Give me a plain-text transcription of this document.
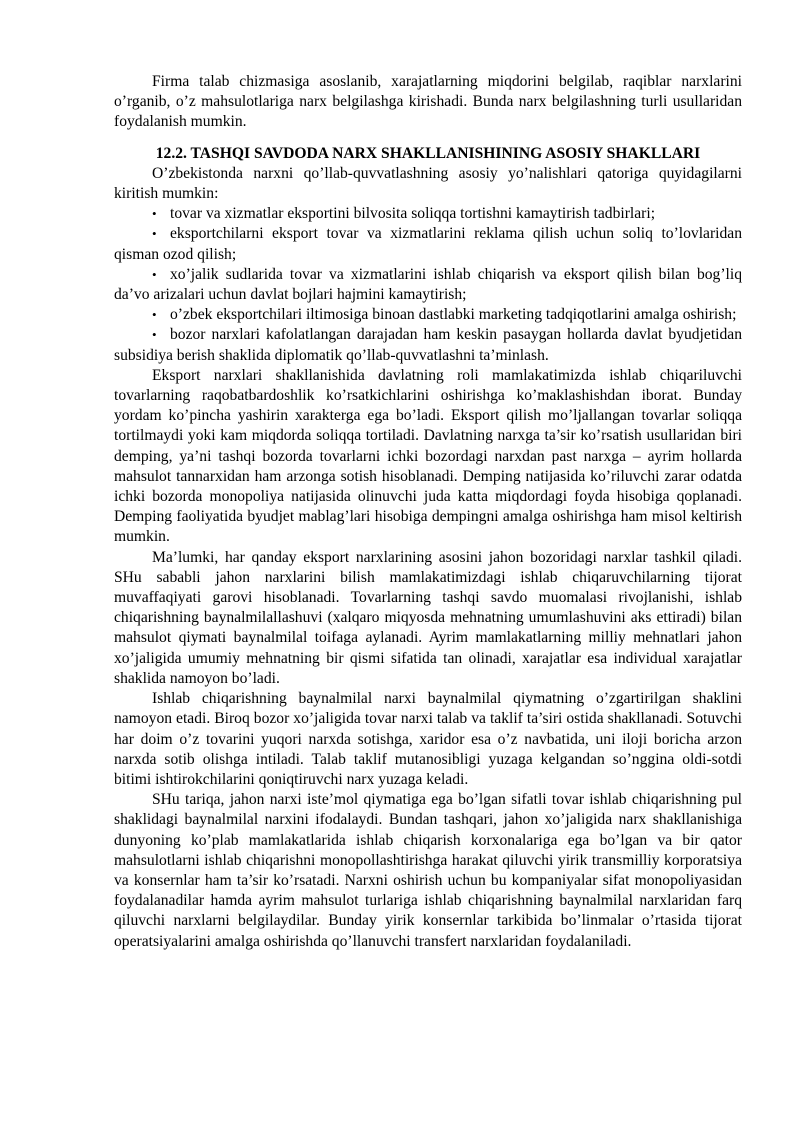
Firma talab chizmasiga asoslanib, xarajatlarning miqdorini belgilab, raqiblar narxlarini o’rganib, o’z mahsulotlariga narx belgilashga kirishadi. Bunda narx belgilashning turli usullaridan foydalanish mumkin.

12.2. TASHQI SAVDODA NARX SHAKLLANISHINING ASOSIY SHAKLLARI

O’zbekistonda narxni qo’llab-quvvatlashning asosiy yo’nalishlari qatoriga quyidagilarni kiritish mumkin:

• tovar va xizmatlar eksportini bilvosita soliqqa tortishni kamaytirish tadbirlari;

• eksportchilarni eksport tovar va xizmatlarini reklama qilish uchun soliq to’lovlaridan qisman ozod qilish;

• xo’jalik sudlarida tovar va xizmatlarini ishlab chiqarish va eksport qilish bilan bog’liq da’vo arizalari uchun davlat bojlari hajmini kamaytirish;

• o’zbek eksportchilari iltimosiga binoan dastlabki marketing tadqiqotlarini amalga oshirish;

• bozor narxlari kafolatlangan darajadan ham keskin pasaygan hollarda davlat byudjetidan subsidiya berish shaklida diplomatik qo’llab-quvvatlashni ta’minlash.

Eksport narxlari shakllanishida davlatning roli mamlakatimizda ishlab chiqariluvchi tovarlarning raqobatbardoshlik ko’rsatkichlarini oshirishga ko’maklashishdan iborat. Bunday yordam ko’pincha yashirin xarakterga ega bo’ladi. Eksport qilish mo’ljallangan tovarlar soliqqa tortilmaydi yoki kam miqdorda soliqqa tortiladi. Davlatning narxga ta’sir ko’rsatish usullaridan biri demping, ya’ni tashqi bozorda tovarlarni ichki bozordagi narxdan past narxga – ayrim hollarda mahsulot tannarxidan ham arzonga sotish hisoblanadi. Demping natijasida ko’riluvchi zarar odatda ichki bozorda monopoliya natijasida olinuvchi juda katta miqdordagi foyda hisobiga qoplanadi. Demping faoliyatida byudjet mablag’lari hisobiga dempingni amalga oshirishga ham misol keltirish mumkin.

Ma’lumki, har qanday eksport narxlarining asosini jahon bozoridagi narxlar tashkil qiladi. SHu sababli jahon narxlarini bilish mamlakatimizdagi ishlab chiqaruvchilarning tijorat muvaffaqiyati garovi hisoblanadi. Tovarlarning tashqi savdo muomalasi rivojlanishi, ishlab chiqarishning baynalmilallashuvi (xalqaro miqyosda mehnatning umumlashuvini aks ettiradi) bilan mahsulot qiymati baynalmilal toifaga aylanadi. Ayrim mamlakatlarning milliy mehnatlari jahon xo’jaligida umumiy mehnatning bir qismi sifatida tan olinadi, xarajatlar esa individual xarajatlar shaklida namoyon bo’ladi.

Ishlab chiqarishning baynalmilal narxi baynalmilal qiymatning o’zgartirilgan shaklini namoyon etadi. Biroq bozor xo’jaligida tovar narxi talab va taklif ta’siri ostida shakllanadi. Sotuvchi har doim o’z tovarini yuqori narxda sotishga, xaridor esa o’z navbatida, uni iloji boricha arzon narxda sotib olishga intiladi. Talab taklif mutanosibligi yuzaga kelgandan so’nggina oldi-sotdi bitimi ishtirokchilarini qoniqtiruvchi narx yuzaga keladi.

SHu tariqa, jahon narxi iste’mol qiymatiga ega bo’lgan sifatli tovar ishlab chiqarishning pul shaklidagi baynalmilal narxini ifodalaydi. Bundan tashqari, jahon xo’jaligida narx shakllanishiga dunyoning ko’plab mamlakatlarida ishlab chiqarish korxonalariga ega bo’lgan va bir qator mahsulotlarni ishlab chiqarishni monopollashtirishga harakat qiluvchi yirik transmilliy korporatsiya va konsernlar ham ta’sir ko’rsatadi. Narxni oshirish uchun bu kompaniyalar sifat monopoliyasidan foydalanadilar hamda ayrim mahsulot turlariga ishlab chiqarishning baynalmilal narxlaridan farq qiluvchi narxlarni belgilaydilar. Bunday yirik konsernlar tarkibida bo’linmalar o’rtasida tijorat operatsiyalarini amalga oshirishda qo’llanuvchi transfert narxlaridan foydalaniladi.
